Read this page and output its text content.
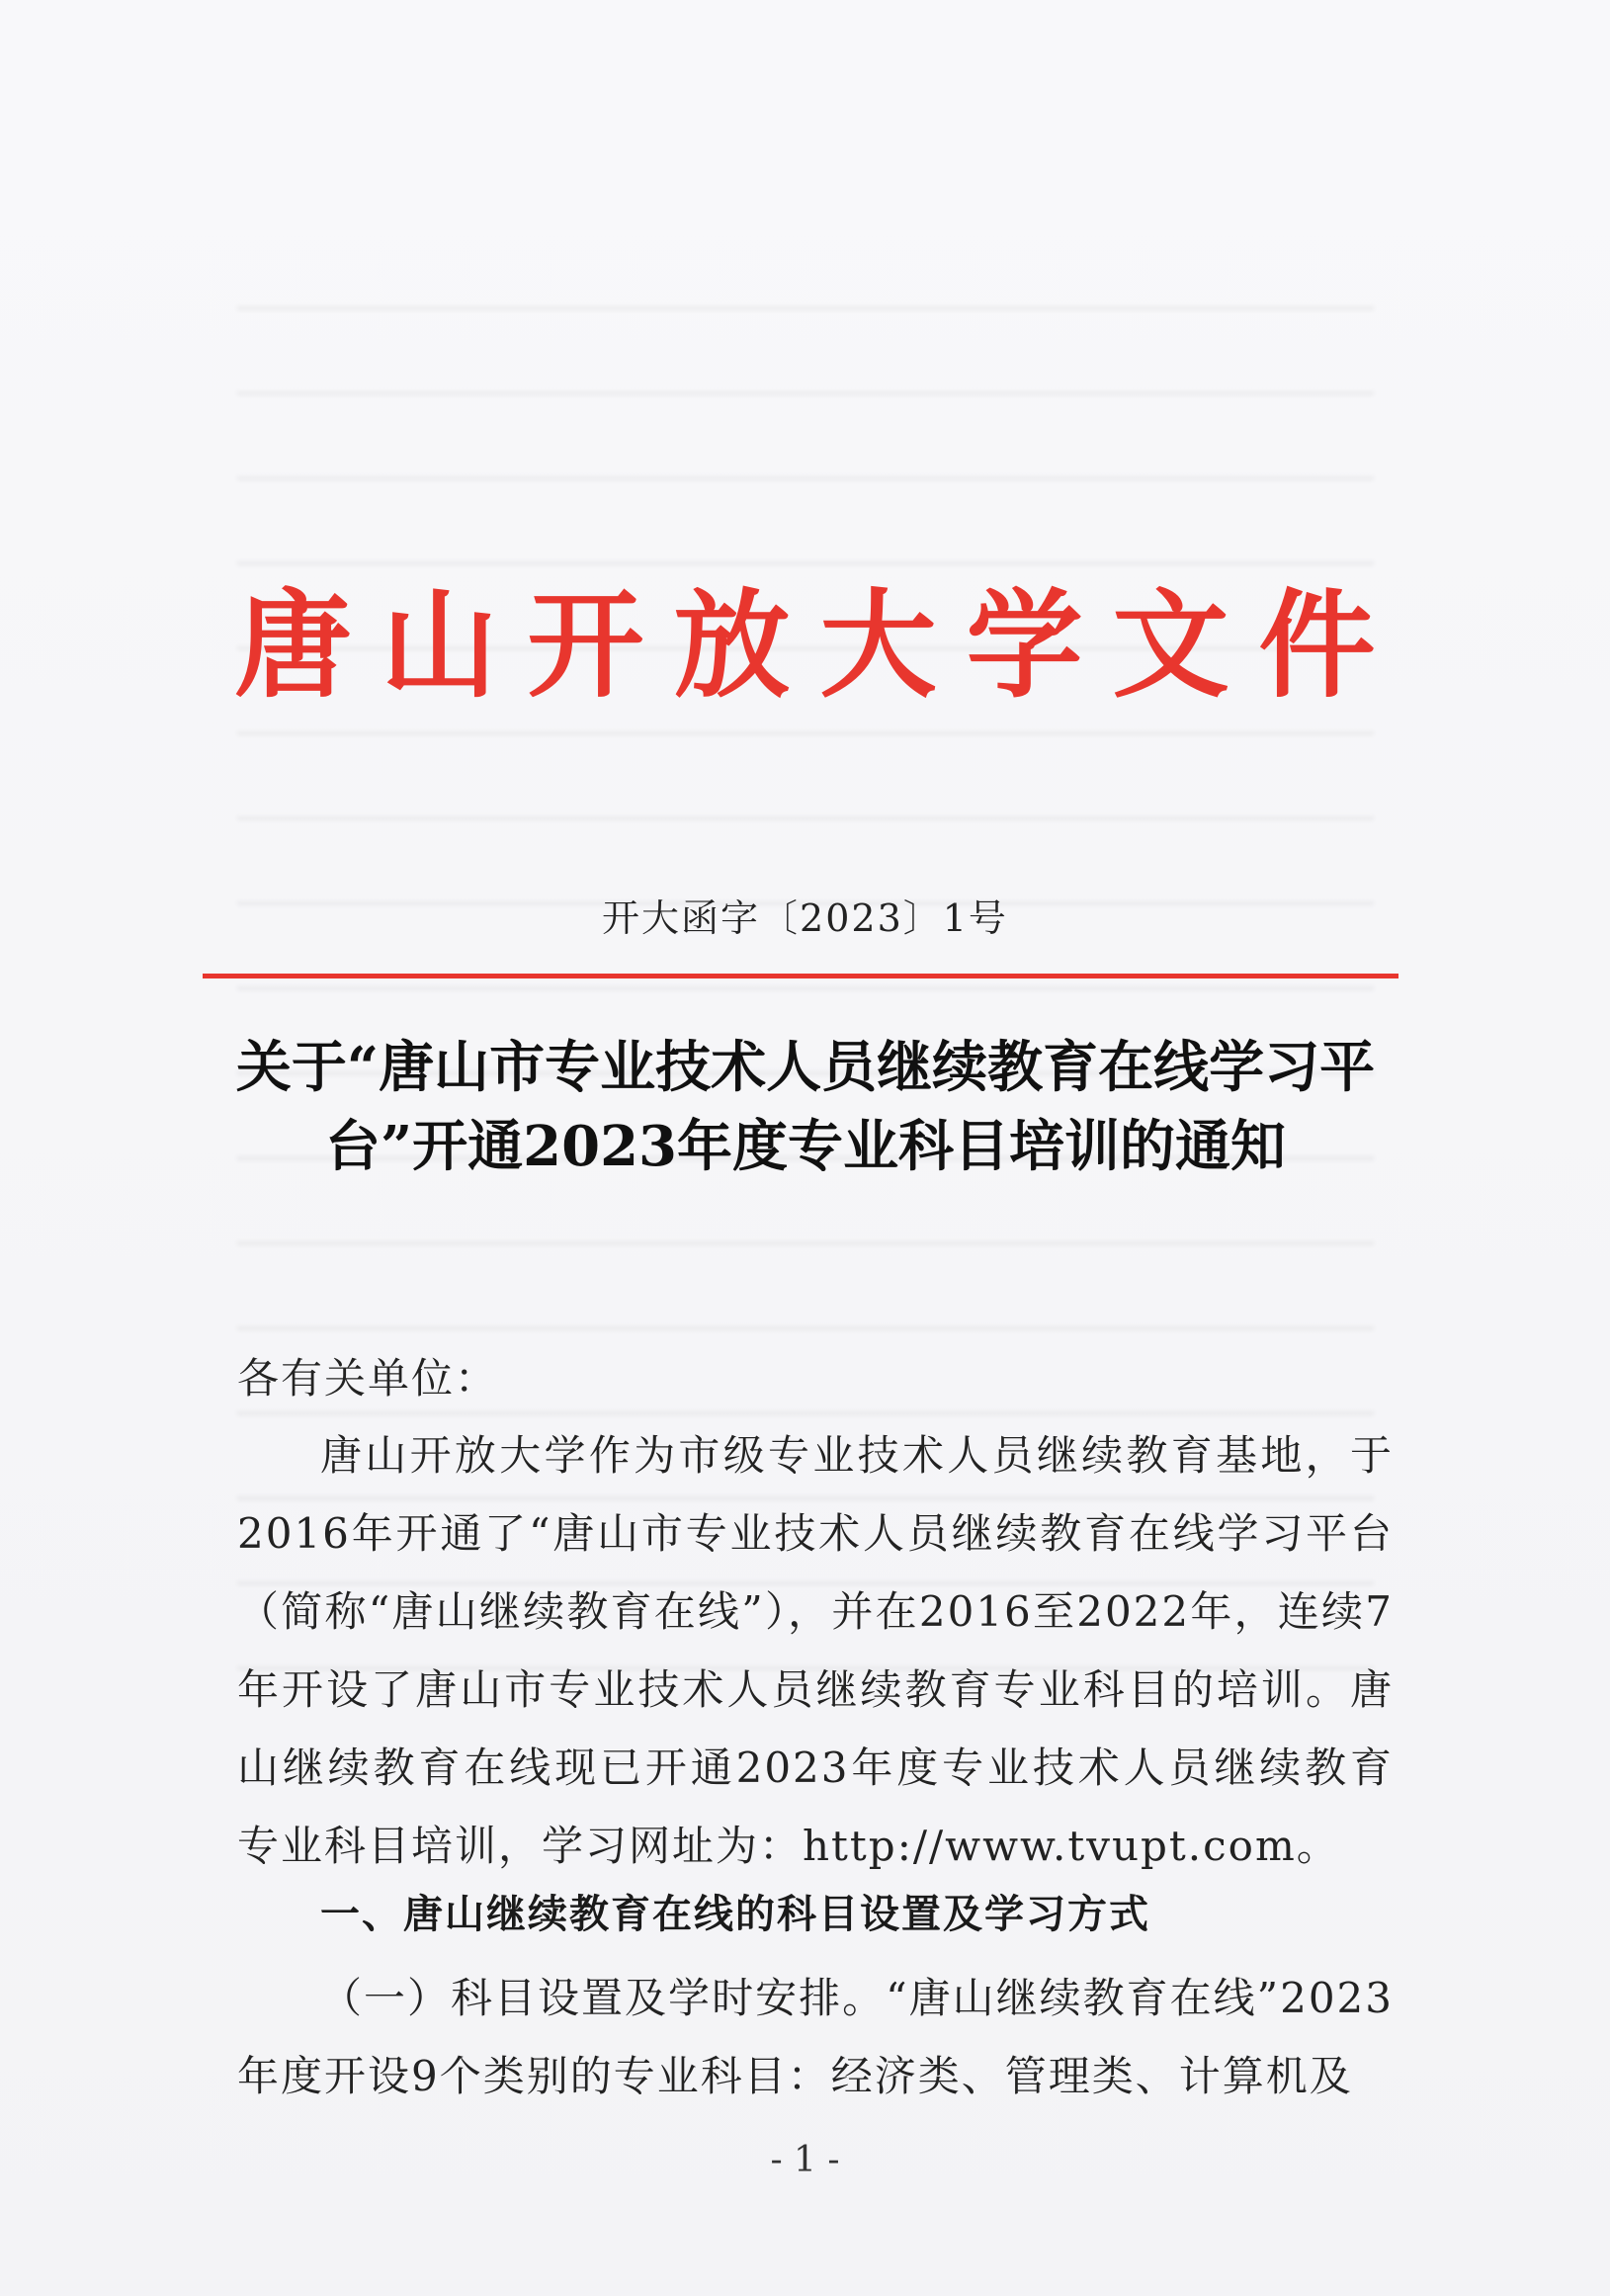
唐山开放大学文件
开大函字〔2023〕1号
关于“唐山市专业技术人员继续教育在线学习平台”开通2023年度专业科目培训的通知
各有关单位：
唐山开放大学作为市级专业技术人员继续教育基地，于2016年开通了“唐山市专业技术人员继续教育在线学习平台（简称“唐山继续教育在线”），并在2016至2022年，连续7年开设了唐山市专业技术人员继续教育专业科目的培训。唐山继续教育在线现已开通2023年度专业技术人员继续教育专业科目培训，学习网址为：http://www.tvupt.com。
一、唐山继续教育在线的科目设置及学习方式
（一）科目设置及学时安排。“唐山继续教育在线”2023年度开设9个类别的专业科目：经济类、管理类、计算机及
- 1 -
